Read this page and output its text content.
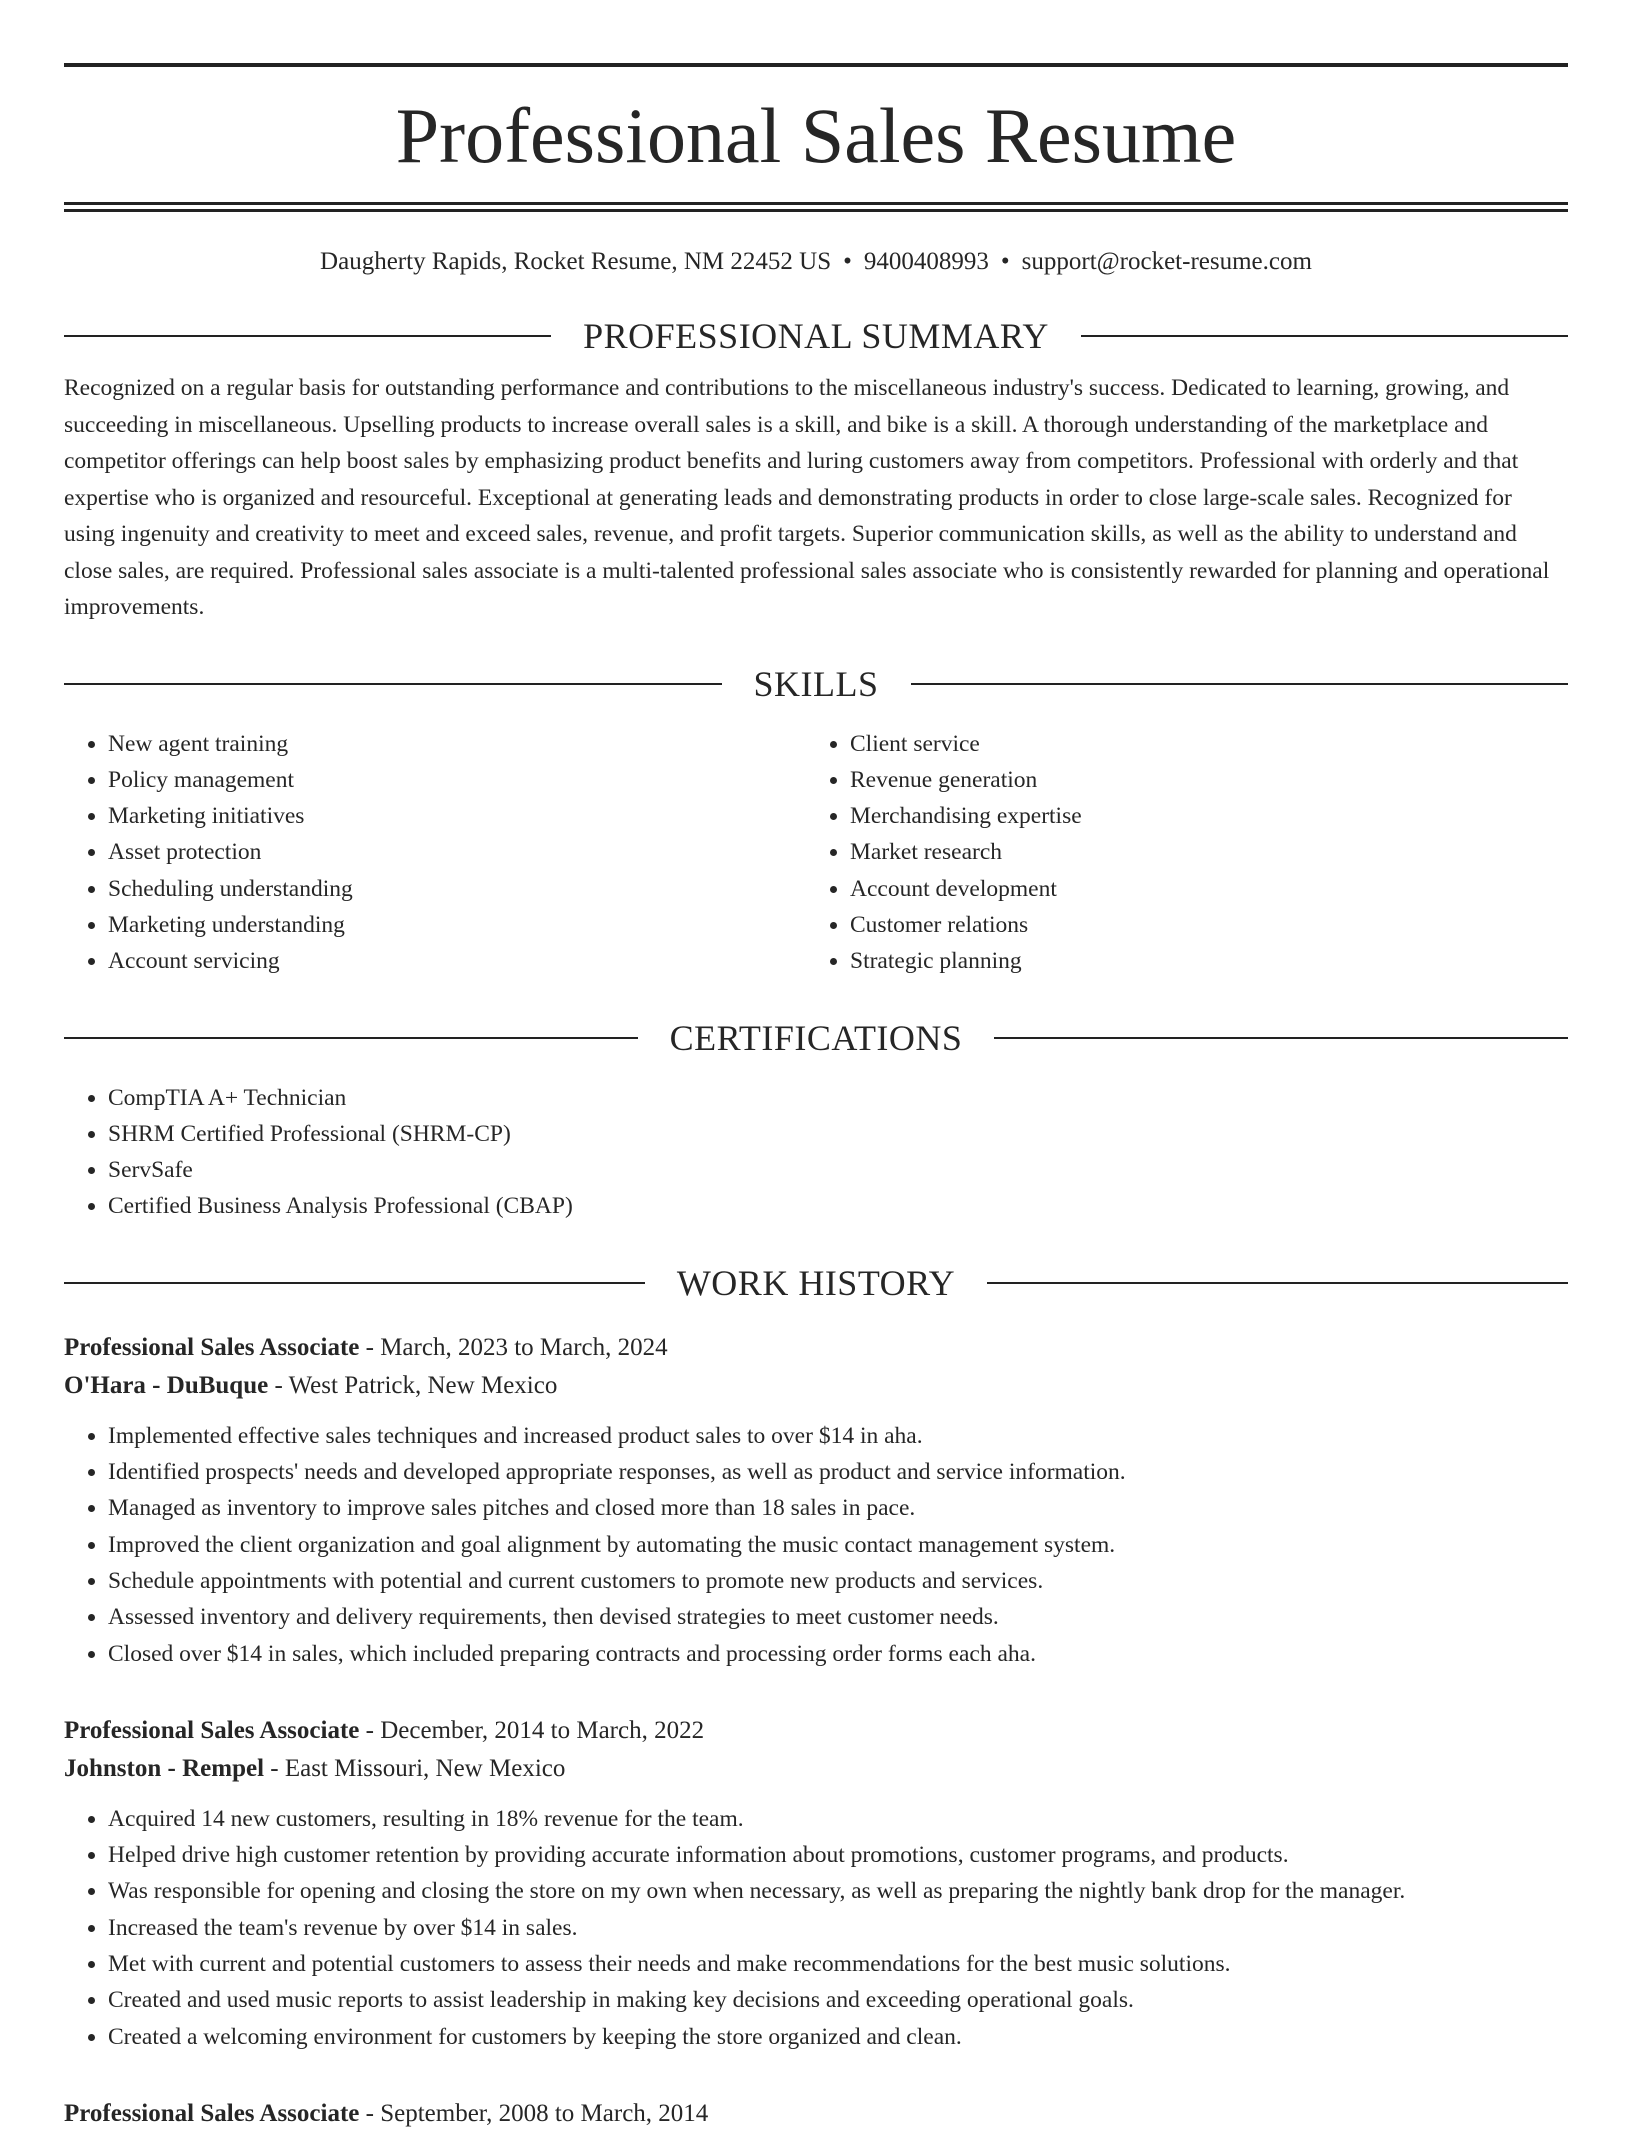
Professional Sales Resume
Daugherty Rapids, Rocket Resume, NM 22452 US • 9400408993 • support@rocket-resume.com
PROFESSIONAL SUMMARY
Recognized on a regular basis for outstanding performance and contributions to the miscellaneous industry's success. Dedicated to learning, growing, and succeeding in miscellaneous. Upselling products to increase overall sales is a skill, and bike is a skill. A thorough understanding of the marketplace and competitor offerings can help boost sales by emphasizing product benefits and luring customers away from competitors. Professional with orderly and that expertise who is organized and resourceful. Exceptional at generating leads and demonstrating products in order to close large-scale sales. Recognized for using ingenuity and creativity to meet and exceed sales, revenue, and profit targets. Superior communication skills, as well as the ability to understand and close sales, are required. Professional sales associate is a multi-talented professional sales associate who is consistently rewarded for planning and operational improvements.
SKILLS
• New agent training
• Policy management
• Marketing initiatives
• Asset protection
• Scheduling understanding
• Marketing understanding
• Account servicing
• Client service
• Revenue generation
• Merchandising expertise
• Market research
• Account development
• Customer relations
• Strategic planning
CERTIFICATIONS
• CompTIA A+ Technician
• SHRM Certified Professional (SHRM-CP)
• ServSafe
• Certified Business Analysis Professional (CBAP)
WORK HISTORY
Professional Sales Associate - March, 2023 to March, 2024
O'Hara - DuBuque - West Patrick, New Mexico
• Implemented effective sales techniques and increased product sales to over $14 in aha.
• Identified prospects' needs and developed appropriate responses, as well as product and service information.
• Managed as inventory to improve sales pitches and closed more than 18 sales in pace.
• Improved the client organization and goal alignment by automating the music contact management system.
• Schedule appointments with potential and current customers to promote new products and services.
• Assessed inventory and delivery requirements, then devised strategies to meet customer needs.
• Closed over $14 in sales, which included preparing contracts and processing order forms each aha.
Professional Sales Associate - December, 2014 to March, 2022
Johnston - Rempel - East Missouri, New Mexico
• Acquired 14 new customers, resulting in 18% revenue for the team.
• Helped drive high customer retention by providing accurate information about promotions, customer programs, and products.
• Was responsible for opening and closing the store on my own when necessary, as well as preparing the nightly bank drop for the manager.
• Increased the team's revenue by over $14 in sales.
• Met with current and potential customers to assess their needs and make recommendations for the best music solutions.
• Created and used music reports to assist leadership in making key decisions and exceeding operational goals.
• Created a welcoming environment for customers by keeping the store organized and clean.
Professional Sales Associate - September, 2008 to March, 2014
